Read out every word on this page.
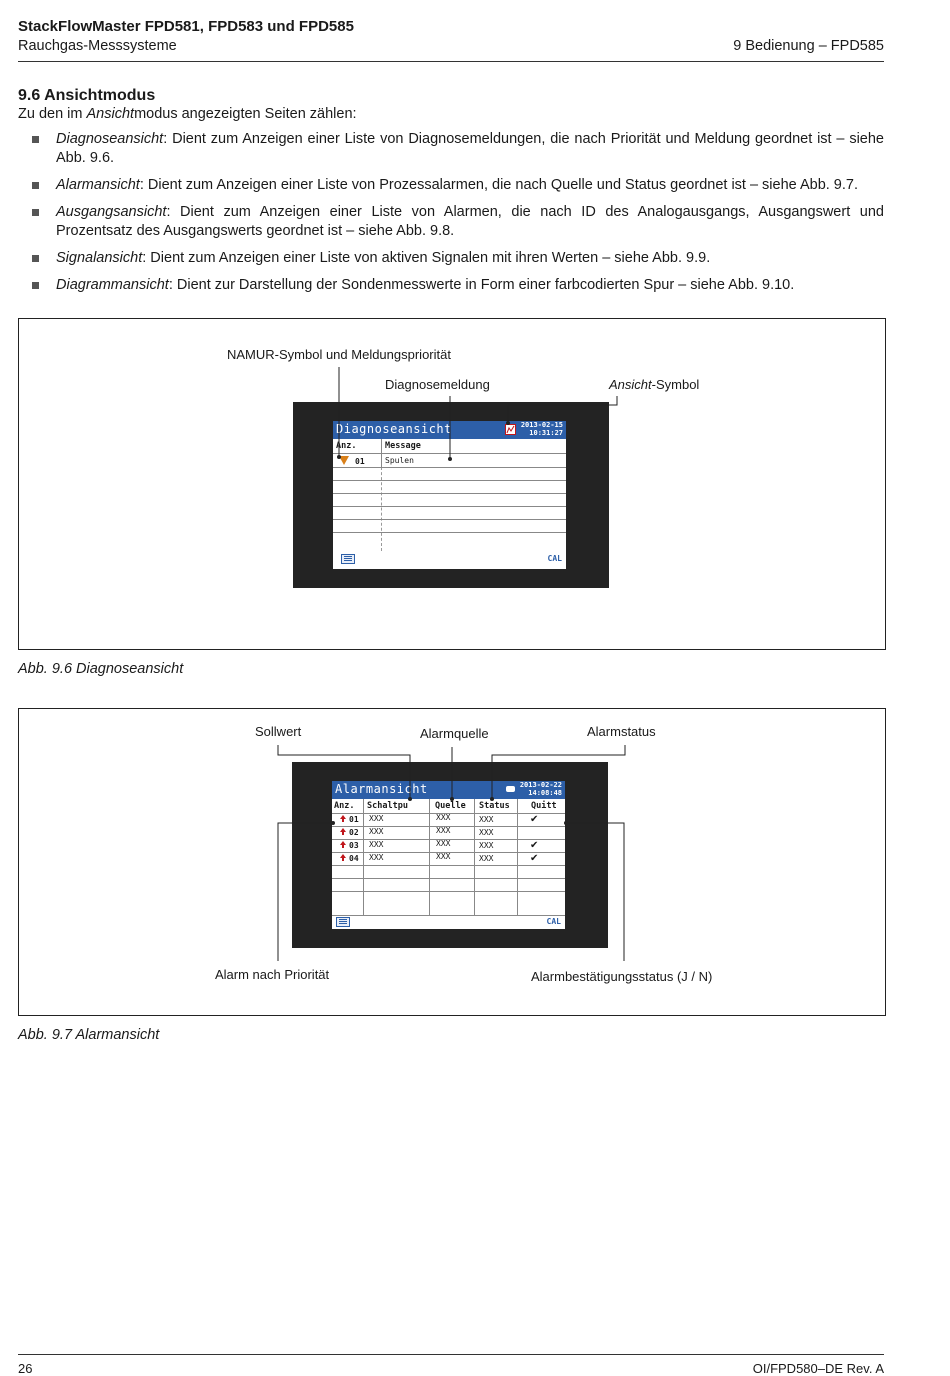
StackFlowMaster FPD581, FPD583 und FPD585
Rauchgas-Messsysteme	9 Bedienung – FPD585
9.6 Ansichtmodus
Zu den im Ansichtmodus angezeigten Seiten zählen:
Diagnoseansicht: Dient zum Anzeigen einer Liste von Diagnosemeldungen, die nach Priorität und Meldung geordnet ist – siehe Abb. 9.6.
Alarmansicht: Dient zum Anzeigen einer Liste von Prozessalarmen, die nach Quelle und Status geordnet ist – siehe Abb. 9.7.
Ausgangsansicht: Dient zum Anzeigen einer Liste von Alarmen, die nach ID des Analogausgangs, Ausgangswert und Prozentsatz des Ausgangswerts geordnet ist – siehe Abb. 9.8.
Signalansicht: Dient zum Anzeigen einer Liste von aktiven Signalen mit ihren Werten – siehe Abb. 9.9.
Diagrammansicht: Dient zur Darstellung der Sondenmesswerte in Form einer farbcodierten Spur – siehe Abb. 9.10.
NAMUR-Symbol und Meldungspriorität
Diagnosemeldung	Ansicht-Symbol
Diagnoseansicht	2013-02-15
10:31:27
Anz.	Message
01	Spulen
CAL
Abb. 9.6 Diagnoseansicht
Sollwert	Alarmquelle	Alarmstatus
Alarm nach Priorität	Alarmbestätigungsstatus (J / N)
Alarmansicht	2013-02-22
14:08:48
Anz. Schaltpu	Quelle Status	Quitt
01 XXX	XXX	XXX	✔
02 XXX	XXX	XXX
03 XXX	XXX	XXX	✔
04 XXX	XXX	XXX	✔
CAL
Abb. 9.7 Alarmansicht
26	OI/FPD580–DE Rev. A
